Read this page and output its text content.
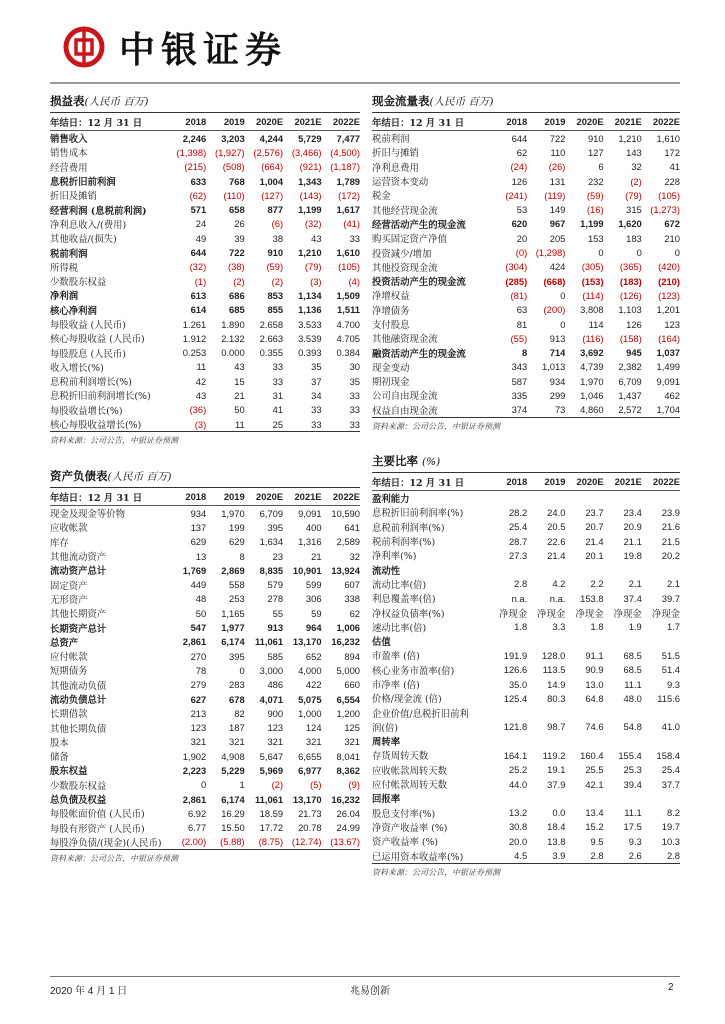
中银证券
损益表(人民币 百万)
年结日：12 月 31 日	2018	2019	2020E	2021E	2022E
销售收入	2,246	3,203	4,244	5,729	7,477
销售成本	(1,398)	(1,927)	(2,576)	(3,466)	(4,500)
经营费用	(215)	(508)	(664)	(921)	(1,187)
息税折旧前利润	633	768	1,004	1,343	1,789
折旧及摊销	(62)	(110)	(127)	(143)	(172)
经营利润 (息税前利润)	571	658	877	1,199	1,617
净利息收入/(费用)	24	26	(6)	(32)	(41)
其他收益/(损失)	49	39	38	43	33
税前利润	644	722	910	1,210	1,610
所得税	(32)	(38)	(59)	(79)	(105)
少数股东权益	(1)	(2)	(2)	(3)	(4)
净利润	613	686	853	1,134	1,509
核心净利润	614	685	855	1,136	1,511
每股收益 (人民币)	1.261	1.890	2.658	3.533	4.700
核心每股收益 (人民币)	1.912	2.132	2.663	3.539	4.705
每股股息 (人民币)	0.253	0.000	0.355	0.393	0.384
收入增长(%)	11	43	33	35	30
息税前利润增长(%)	42	15	33	37	35
息税折旧前利润增长(%)	43	21	31	34	33
每股收益增长(%)	(36)	50	41	33	33
核心每股收益增长(%)	(3)	11	25	33	33
资料来源：公司公告，中银证券预测
资产负债表(人民币 百万)
年结日：12 月 31 日	2018	2019	2020E	2021E	2022E
现金及现金等价物	934	1,970	6,709	9,091	10,590
应收帐款	137	199	395	400	641
库存	629	629	1,634	1,316	2,589
其他流动资产	13	8	23	21	32
流动资产总计	1,769	2,869	8,835	10,901	13,924
固定资产	449	558	579	599	607
无形资产	48	253	278	306	338
其他长期资产	50	1,165	55	59	62
长期资产总计	547	1,977	913	964	1,006
总资产	2,861	6,174	11,061	13,170	16,232
应付帐款	270	395	585	652	894
短期债务	78	0	3,000	4,000	5,000
其他流动负债	279	283	486	422	660
流动负债总计	627	678	4,071	5,075	6,554
长期借款	213	82	900	1,000	1,200
其他长期负债	123	187	123	124	125
股本	321	321	321	321	321
储备	1,902	4,908	5,647	6,655	8,041
股东权益	2,223	5,229	5,969	6,977	8,362
少数股东权益	0	1	(2)	(5)	(9)
总负债及权益	2,861	6,174	11,061	13,170	16,232
每股帐面价值 (人民币)	6.92	16.29	18.59	21.73	26.04
每股有形资产 (人民币)	6.77	15.50	17.72	20.78	24.99
每股净负债/(现金)(人民币)	(2.00)	(5.88)	(8.75)	(12.74)	(13.67)
资料来源：公司公告，中银证券预测
现金流量表(人民币 百万)
年结日：12 月 31 日	2018	2019	2020E	2021E	2022E
税前利润	644	722	910	1,210	1,610
折旧与摊销	62	110	127	143	172
净利息费用	(24)	(26)	6	32	41
运营资本变动	126	131	232	(2)	228
税金	(241)	(119)	(59)	(79)	(105)
其他经营现金流	53	149	(16)	315	(1,273)
经营活动产生的现金流	620	967	1,199	1,620	672
购买固定资产净值	20	205	153	183	210
投资减少/增加	(0)	(1,298)	0	0	0
其他投资现金流	(304)	424	(305)	(365)	(420)
投资活动产生的现金流	(285)	(668)	(153)	(183)	(210)
净增权益	(81)	0	(114)	(126)	(123)
净增债务	63	(200)	3,808	1,103	1,201
支付股息	81	0	114	126	123
其他融资现金流	(55)	913	(116)	(158)	(164)
融资活动产生的现金流	8	714	3,692	945	1,037
现金变动	343	1,013	4,739	2,382	1,499
期初现金	587	934	1,970	6,709	9,091
公司自由现金流	335	299	1,046	1,437	462
权益自由现金流	374	73	4,860	2,572	1,704
资料来源：公司公告，中银证券预测
主要比率 (%)
年结日：12 月 31 日	2018	2019	2020E	2021E	2022E
盈利能力					
息税折旧前利润率(%)	28.2	24.0	23.7	23.4	23.9
息税前利润率(%)	25.4	20.5	20.7	20.9	21.6
税前利润率(%)	28.7	22.6	21.4	21.1	21.5
净利率(%)	27.3	21.4	20.1	19.8	20.2
流动性					
流动比率(倍)	2.8	4.2	2.2	2.1	2.1
利息覆盖率(倍)	n.a.	n.a.	153.8	37.4	39.7
净权益负债率(%)	净现金	净现金	净现金	净现金	净现金
速动比率(倍)	1.8	3.3	1.8	1.9	1.7
估值					
市盈率 (倍)	191.9	128.0	91.1	68.5	51.5
核心业务市盈率(倍)	126.6	113.5	90.9	68.5	51.4
市净率 (倍)	35.0	14.9	13.0	11.1	9.3
价格/现金流 (倍)	125.4	80.3	64.8	48.0	115.6
企业价值/息税折旧前利					
润(倍)	121.8	98.7	74.6	54.8	41.0
周转率					
存货周转天数	164.1	119.2	160.4	155.4	158.4
应收帐款周转天数	25.2	19.1	25.5	25.3	25.4
应付帐款周转天数	44.0	37.9	42.1	39.4	37.7
回报率					
股息支付率(%)	13.2	0.0	13.4	11.1	8.2
净资产收益率 (%)	30.8	18.4	15.2	17.5	19.7
资产收益率 (%)	20.0	13.8	9.5	9.3	10.3
已运用资本收益率(%)	4.5	3.9	2.8	2.6	2.8
资料来源：公司公告，中银证券预测
2020 年 4 月 1 日	兆易创新	2
